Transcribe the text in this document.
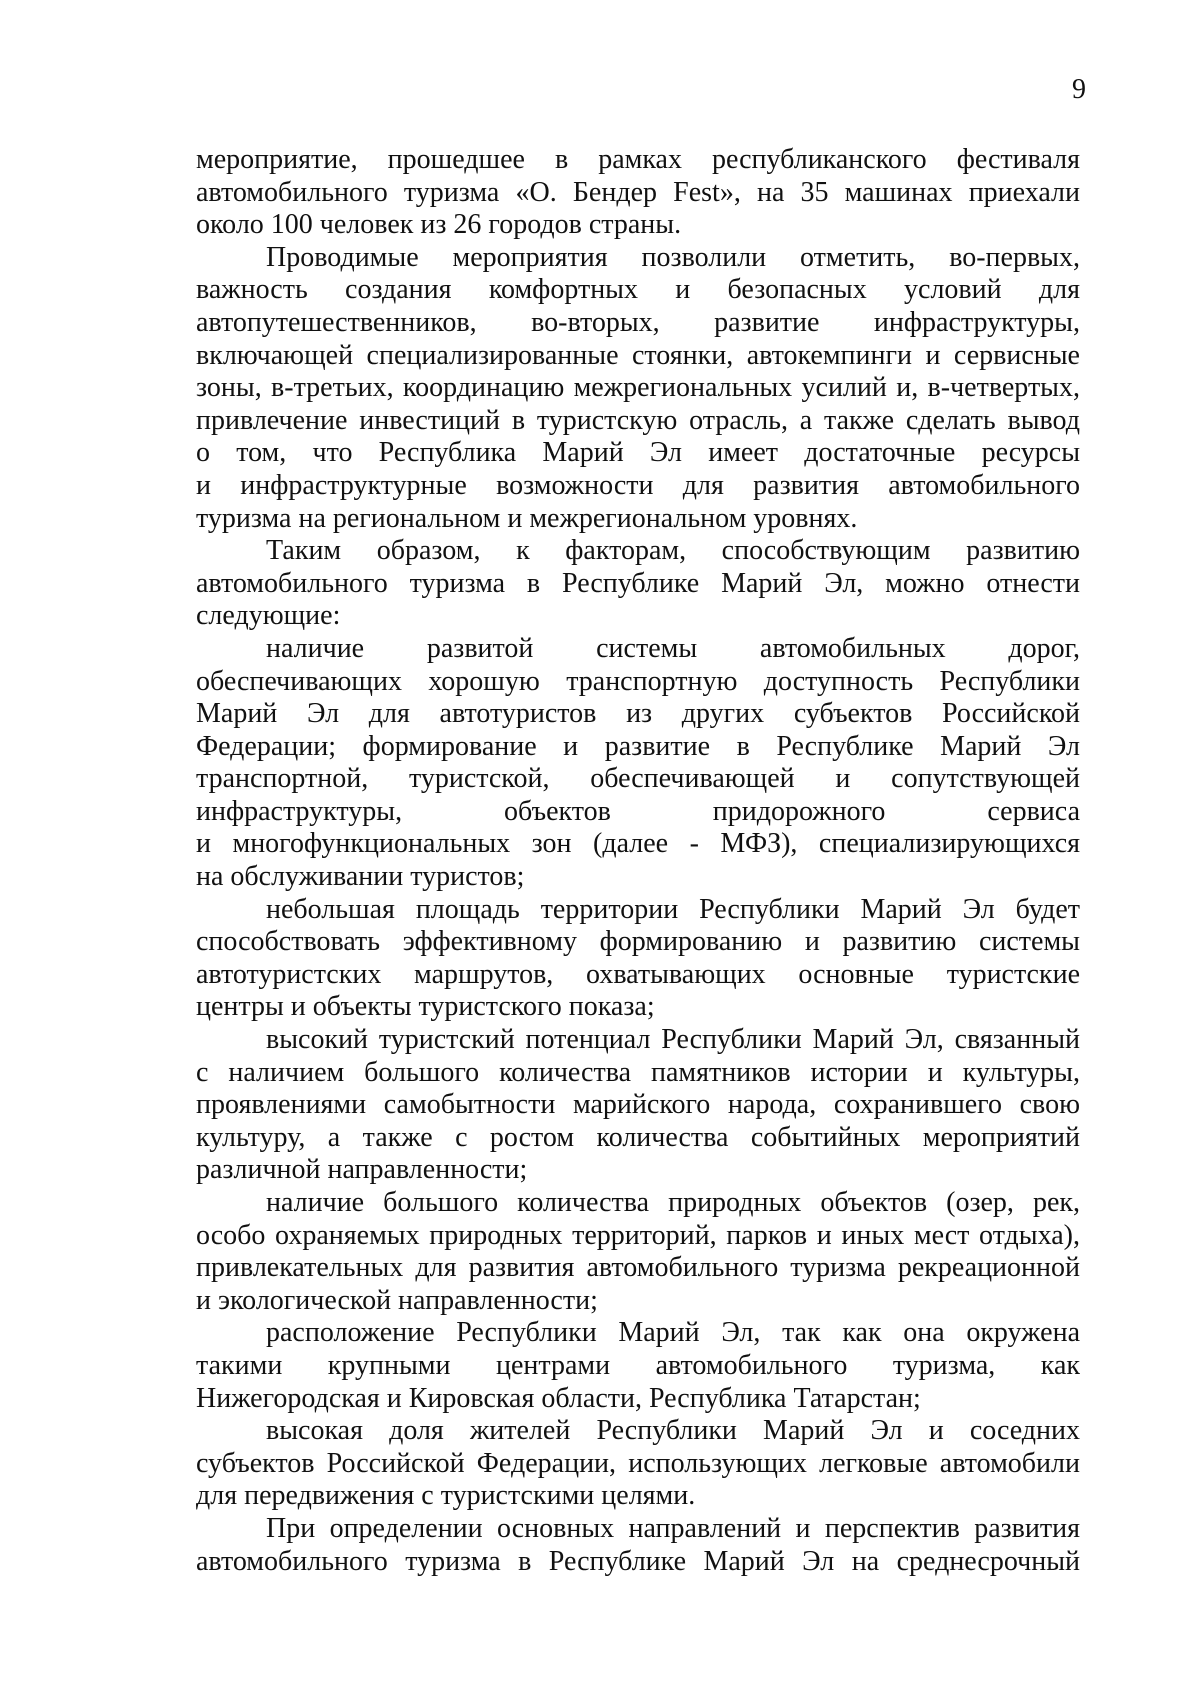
9
мероприятие, прошедшее в рамках республиканского фестиваля
автомобильного туризма «О. Бендер Fest», на 35 машинах приехали
около 100 человек из 26 городов страны.
Проводимые мероприятия позволили отметить, во-первых,
важность создания комфортных и безопасных условий для
автопутешественников, во-вторых, развитие инфраструктуры,
включающей специализированные стоянки, автокемпинги и сервисные
зоны, в-третьих, координацию межрегиональных усилий и, в-четвертых,
привлечение инвестиций в туристскую отрасль, а также сделать вывод
о том, что Республика Марий Эл имеет достаточные ресурсы
и инфраструктурные возможности для развития автомобильного
туризма на региональном и межрегиональном уровнях.
Таким образом, к факторам, способствующим развитию
автомобильного туризма в Республике Марий Эл, можно отнести
следующие:
наличие развитой системы автомобильных дорог,
обеспечивающих хорошую транспортную доступность Республики
Марий Эл для автотуристов из других субъектов Российской
Федерации; формирование и развитие в Республике Марий Эл
транспортной, туристской, обеспечивающей и сопутствующей
инфраструктуры, объектов придорожного сервиса
и многофункциональных зон (далее - МФЗ), специализирующихся
на обслуживании туристов;
небольшая площадь территории Республики Марий Эл будет
способствовать эффективному формированию и развитию системы
автотуристских маршрутов, охватывающих основные туристские
центры и объекты туристского показа;
высокий туристский потенциал Республики Марий Эл, связанный
с наличием большого количества памятников истории и культуры,
проявлениями самобытности марийского народа, сохранившего свою
культуру, а также с ростом количества событийных мероприятий
различной направленности;
наличие большого количества природных объектов (озер, рек,
особо охраняемых природных территорий, парков и иных мест отдыха),
привлекательных для развития автомобильного туризма рекреационной
и экологической направленности;
расположение Республики Марий Эл, так как она окружена
такими крупными центрами автомобильного туризма, как
Нижегородская и Кировская области, Республика Татарстан;
высокая доля жителей Республики Марий Эл и соседних
субъектов Российской Федерации, использующих легковые автомобили
для передвижения с туристскими целями.
При определении основных направлений и перспектив развития
автомобильного туризма в Республике Марий Эл на среднесрочный
